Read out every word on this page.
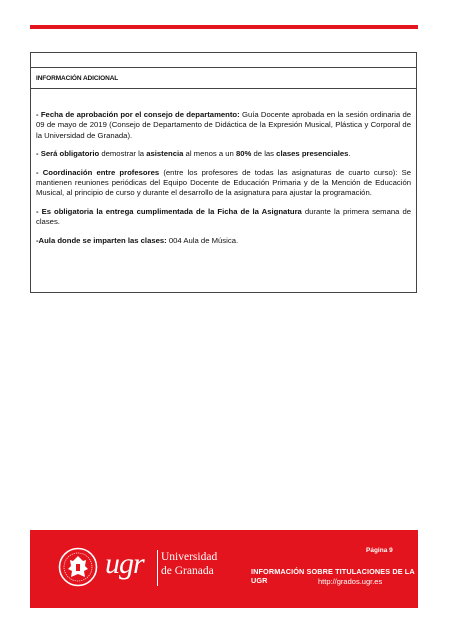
INFORMACIÓN ADICIONAL

- Fecha de aprobación por el consejo de departamento: Guía Docente aprobada en la sesión ordinaria de 09 de mayo de 2019 (Consejo de Departamento de Didáctica de la Expresión Musical, Plástica y Corporal de la Universidad de Granada).

- Será obligatorio demostrar la asistencia al menos a un 80% de las clases presenciales.

- Coordinación entre profesores (entre los profesores de todas las asignaturas de cuarto curso): Se mantienen reuniones periódicas del Equipo Docente de Educación Primaria y de la Mención de Educación Musical, al principio de curso y durante el desarrollo de la asignatura para ajustar la programación.

- Es obligatoria la entrega cumplimentada de la Ficha de la Asignatura durante la primera semana de clases.

-Aula donde se imparten las clases: 004 Aula de Música.

ugr Universidad
de Granada
Página 9
INFORMACIÓN SOBRE TITULACIONES DE LA UGR	http://grados.ugr.es
